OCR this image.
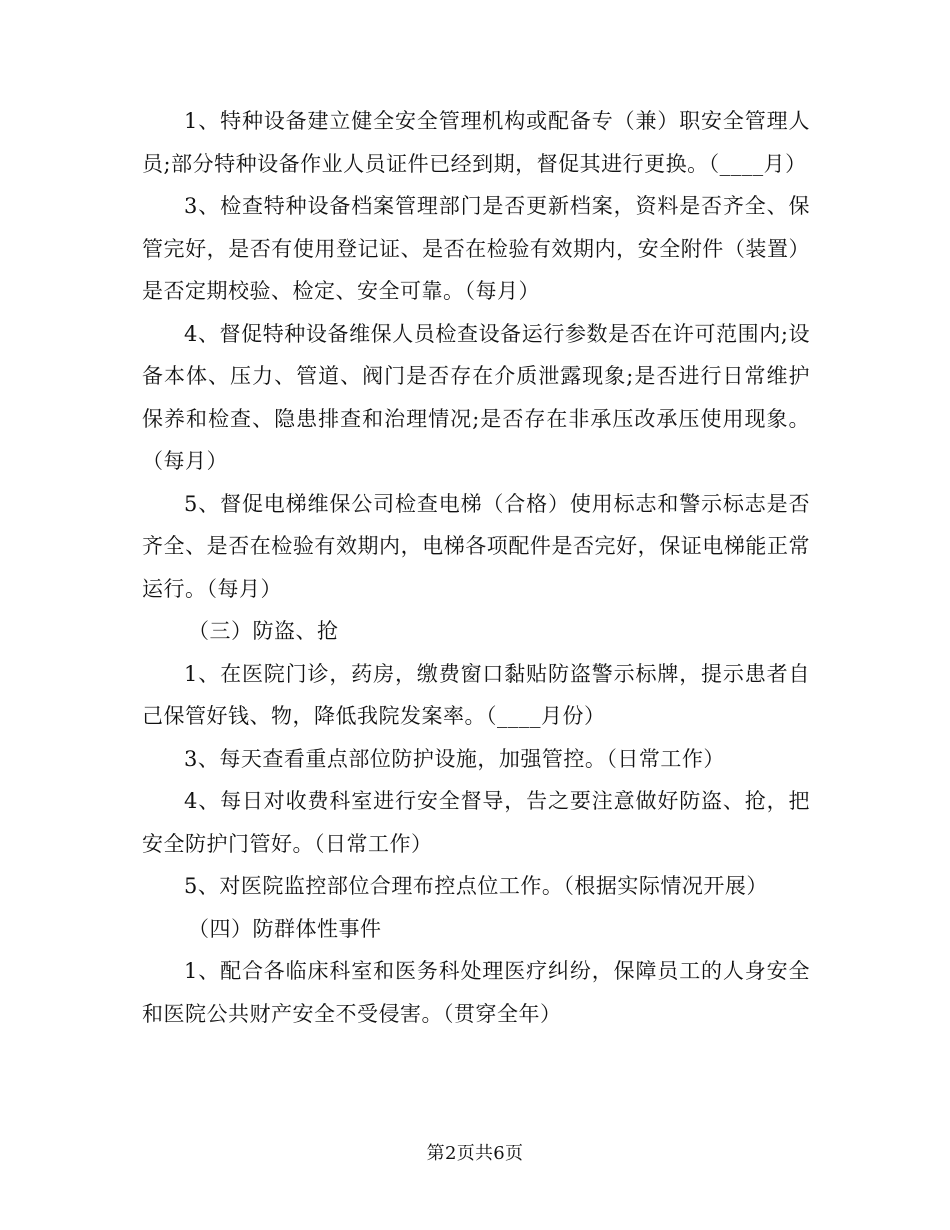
1、特种设备建立健全安全管理机构或配备专（兼）职安全管理人员;部分特种设备作业人员证件已经到期，督促其进行更换。（____月）

3、检查特种设备档案管理部门是否更新档案，资料是否齐全、保管完好，是否有使用登记证、是否在检验有效期内，安全附件（装置）是否定期校验、检定、安全可靠。（每月）

4、督促特种设备维保人员检查设备运行参数是否在许可范围内;设备本体、压力、管道、阀门是否存在介质泄露现象;是否进行日常维护保养和检查、隐患排查和治理情况;是否存在非承压改承压使用现象。（每月）

5、督促电梯维保公司检查电梯（合格）使用标志和警示标志是否齐全、是否在检验有效期内，电梯各项配件是否完好，保证电梯能正常运行。（每月）

（三）防盗、抢

1、在医院门诊，药房，缴费窗口黏贴防盗警示标牌，提示患者自己保管好钱、物，降低我院发案率。（____月份）

3、每天查看重点部位防护设施，加强管控。（日常工作）

4、每日对收费科室进行安全督导，告之要注意做好防盗、抢，把安全防护门管好。（日常工作）

5、对医院监控部位合理布控点位工作。（根据实际情况开展）

（四）防群体性事件

1、配合各临床科室和医务科处理医疗纠纷，保障员工的人身安全和医院公共财产安全不受侵害。（贯穿全年）

第2页共6页
